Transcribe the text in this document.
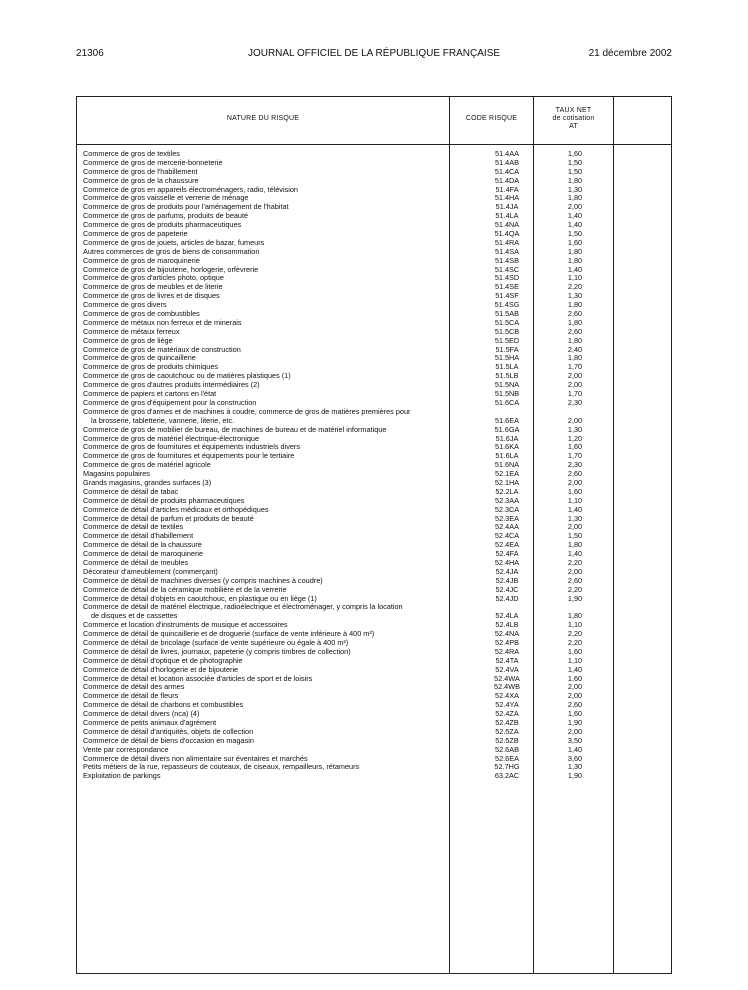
21306	JOURNAL OFFICIEL DE LA RÉPUBLIQUE FRANÇAISE	21 décembre 2002
NATURE DU RISQUE	CODE RISQUE
TAUX NET
de cotisation
AT
Commerce de gros de textiles	51.4AA	1,60
Commerce de gros de mercerie-bonneterie	51.4AB	1,50
Commerce de gros de l'habillement	51.4CA	1,50
Commerce de gros de la chaussure	51.4DA	1,80
Commerce de gros en appareils électroménagers, radio, télévision	51.4FA	1,30
Commerce de gros vaisselle et verrerie de ménage	51.4HA	1,80
Commerce de gros de produits pour l'aménagement de l'habitat	51.4JA	2,00
Commerce de gros de parfums, produits de beauté	51.4LA	1,40
Commerce de gros de produits pharmaceutiques	51.4NA	1,40
Commerce de gros de papeterie	51.4QA	1,50
Commerce de gros de jouets, articles de bazar, fumeurs	51.4RA	1,60
Autres commerces de gros de biens de consommation	51.4SA	1,80
Commerce de gros de maroquinerie	51.4SB	1,80
Commerce de gros de bijouterie, horlogerie, orfèvrerie	51.4SC	1,40
Commerce de gros d'articles photo, optique	51.4SD	1,10
Commerce de gros de meubles et de literie	51.4SE	2,20
Commerce de gros de livres et de disques	51.4SF	1,30
Commerce de gros divers	51.4SG	1,80
Commerce de gros de combustibles	51.5AB	2,60
Commerce de métaux non ferreux et de minerais	51.5CA	1,80
Commerce de métaux ferreux	51.5CB	2,60
Commerce de gros de liège	51.5ED	1,80
Commerce de gros de matériaux de construction	51.5FA	2,40
Commerce de gros de quincaillerie	51.5HA	1,80
Commerce de gros de produits chimiques	51.5LA	1,70
Commerce de gros de caoutchouc ou de matières plastiques (1)	51.5LB	2,00
Commerce de gros d'autres produits intermédiaires (2)	51.5NA	2,00
Commerce de papiers et cartons en l'état	51.5NB	1,70
Commerce de gros d'équipement pour la construction	51.6CA	2,30
Commerce de gros d'armes et de machines à coudre, commerce de gros de matières premières pour
la brosserie, tabletterie, vannerie, literie, etc.	51.6EA	2,00
Commerce de gros de mobilier de bureau, de machines de bureau et de matériel informatique	51.6GA	1,30
Commerce de gros de matériel électrique-électronique	51.6JA	1,20
Commerce de gros de fournitures et équipements industriels divers	51.6KA	1,60
Commerce de gros de fournitures et équipements pour le tertiaire	51.6LA	1,70
Commerce de gros de matériel agricole	51.6NA	2,30
Magasins populaires	52.1EA	2,60
Grands magasins, grandes surfaces (3)	52.1HA	2,00
Commerce de détail de tabac	52.2LA	1,60
Commerce de détail de produits pharmaceutiques	52.3AA	1,10
Commerce de détail d'articles médicaux et orthopédiques	52.3CA	1,40
Commerce de détail de parfum et produits de beauté	52.3EA	1,30
Commerce de détail de textiles	52.4AA	2,00
Commerce de détail d'habillement	52.4CA	1,50
Commerce de détail de la chaussure	52.4EA	1,80
Commerce de détail de maroquinerie	52.4FA	1,40
Commerce de détail de meubles	52.4HA	2,20
Décorateur d'ameublement (commerçant)	52.4JA	2,00
Commerce de détail de machines diverses (y compris machines à coudre)	52.4JB	2,60
Commerce de détail de la céramique mobilière et de la verrerie	52.4JC	2,20
Commerce de détail d'objets en caoutchouc, en plastique ou en liège (1)	52.4JD	1,90
Commerce de détail de matériel électrique, radioélectrique et électroménager, y compris la location
de disques et de cassettes	52.4LA	1,80
Commerce et location d'instruments de musique et accessoires	52.4LB	1,10
Commerce de détail de quincaillerie et de droguerie (surface de vente inférieure à 400 m²)	52.4NA	2,20
Commerce de détail de bricolage (surface de vente supérieure ou égale à 400 m²)	52.4PB	2,20
Commerce de détail de livres, journaux, papeterie (y compris timbres de collection)	52.4RA	1,60
Commerce de détail d'optique et de photographie	52.4TA	1,10
Commerce de détail d'horlogerie et de bijouterie	52.4VA	1,40
Commerce de détail et location associée d'articles de sport et de loisirs	52.4WA	1,60
Commerce de détail des armes	52.4WB	2,00
Commerce de détail de fleurs	52.4XA	2,00
Commerce de détail de charbons et combustibles	52.4YA	2,60
Commerce de détail divers (nca) (4)	52.4ZA	1,60
Commerce de petits animaux d'agrément	52.4ZB	1,90
Commerce de détail d'antiquités, objets de collection	52.5ZA	2,00
Commerce de détail de biens d'occasion en magasin	52.5ZB	3,50
Vente par correspondance	52.6AB	1,40
Commerce de détail divers non alimentaire sur éventaires et marchés	52.6EA	3,60
Petits métiers de la rue, repasseurs de couteaux, de ciseaux, rempailleurs, rétameurs	52.7HG	1,30
Exploitation de parkings	63.2AC	1,90
